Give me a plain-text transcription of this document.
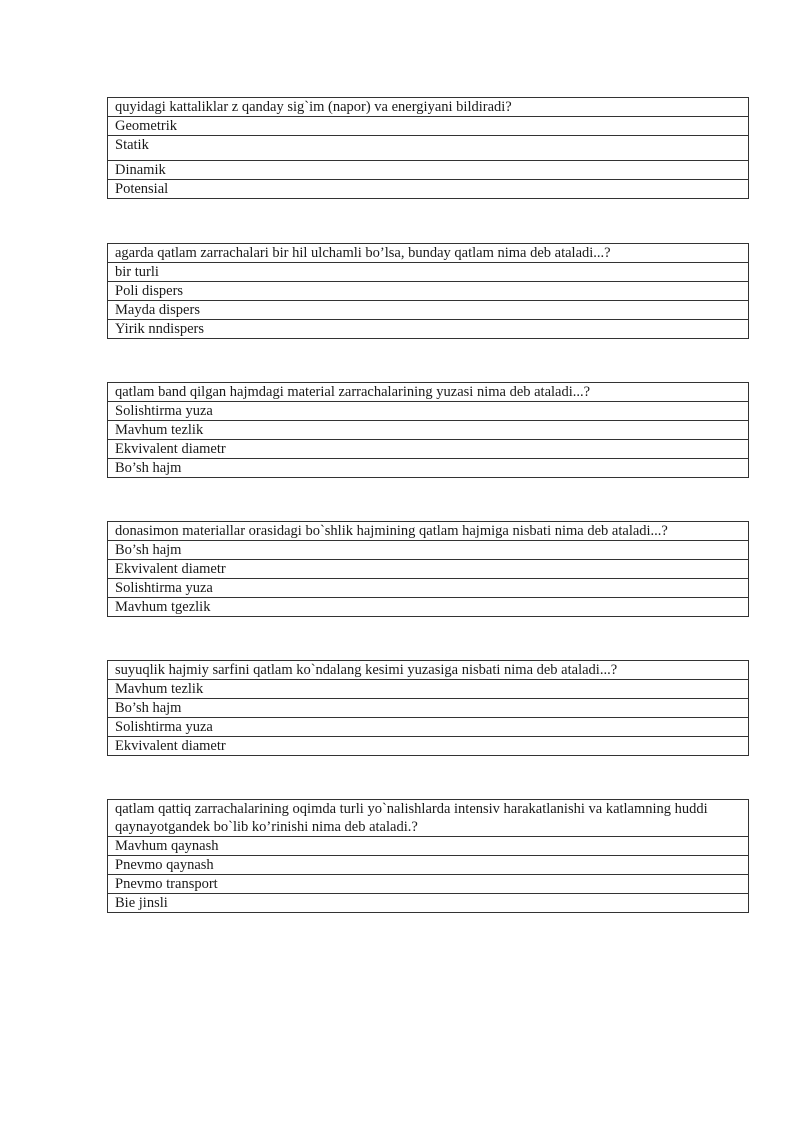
quyidagi kattaliklar z qanday sig`im (napor) va energiyani bildiradi?
Geometrik
Statik
Dinamik
Potensial
agarda qatlam zarrachalari bir hil ulchamli bo’lsa, bunday qatlam nima deb ataladi...?
bir turli
Poli dispers
Mayda dispers
Yirik nndispers
qatlam band qilgan hajmdagi material zarrachalarining yuzasi nima deb ataladi...?
Solishtirma yuza
Mavhum tezlik
Ekvivalent diametr
Bo’sh hajm
donasimon materiallar orasidagi bo`shlik hajmining qatlam hajmiga nisbati nima deb ataladi...?
Bo’sh hajm
Ekvivalent diametr
Solishtirma yuza
Mavhum tgezlik
suyuqlik hajmiy sarfini qatlam ko`ndalang kesimi yuzasiga nisbati nima deb ataladi...?
Mavhum tezlik
Bo’sh hajm
Solishtirma yuza
Ekvivalent diametr
qatlam qattiq zarrachalarining oqimda turli yo`nalishlarda intensiv harakatlanishi va katlamning huddi qaynayotgandek bo`lib ko’rinishi nima deb ataladi.?
Mavhum qaynash
Pnevmo qaynash
Pnevmo transport
Bie jinsli
